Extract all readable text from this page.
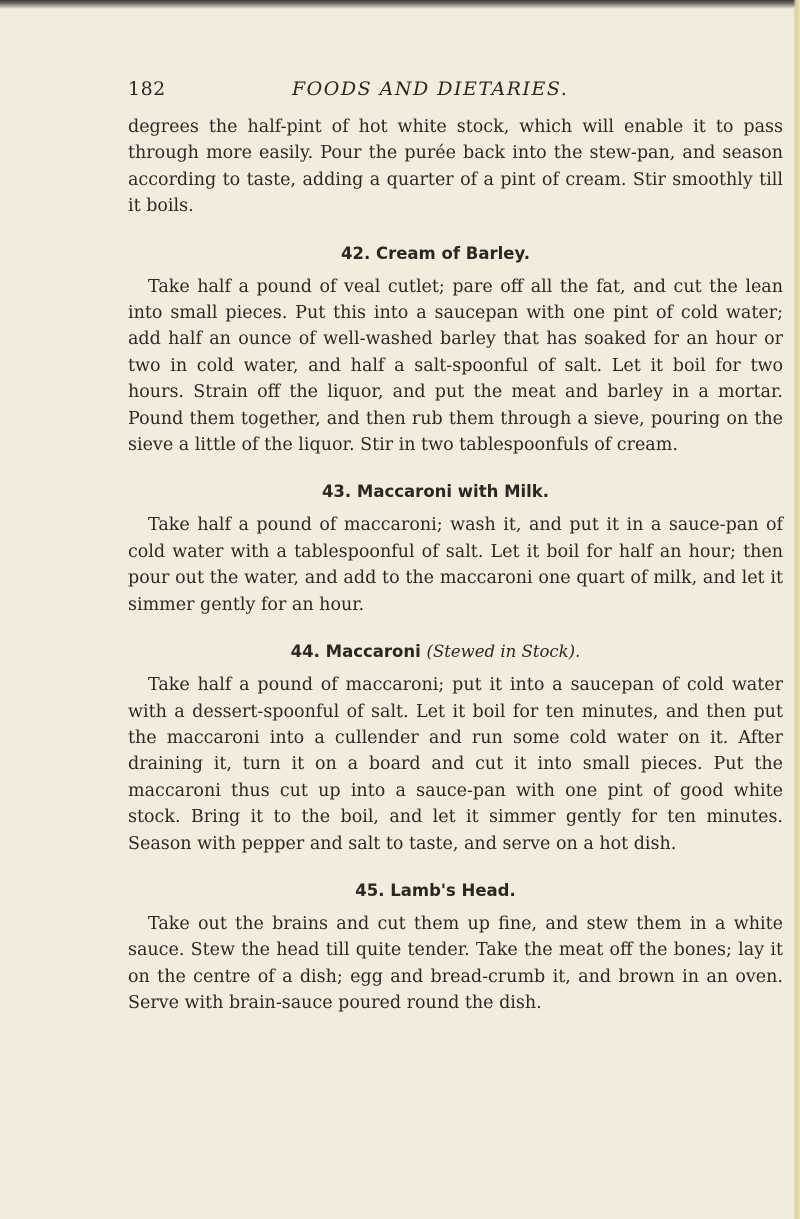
182	FOODS AND DIETARIES.

degrees the half-pint of hot white stock, which will enable it to pass through more easily. Pour the purée back into the stew-pan, and season according to taste, adding a quarter of a pint of cream. Stir smoothly till it boils.

42. Cream of Barley.

Take half a pound of veal cutlet; pare off all the fat, and cut the lean into small pieces. Put this into a saucepan with one pint of cold water; add half an ounce of well-washed barley that has soaked for an hour or two in cold water, and half a salt-spoonful of salt. Let it boil for two hours. Strain off the liquor, and put the meat and barley in a mortar. Pound them together, and then rub them through a sieve, pouring on the sieve a little of the liquor. Stir in two tablespoonfuls of cream.

43. Maccaroni with Milk.

Take half a pound of maccaroni; wash it, and put it in a sauce-pan of cold water with a tablespoonful of salt. Let it boil for half an hour; then pour out the water, and add to the maccaroni one quart of milk, and let it simmer gently for an hour.

44. Maccaroni (Stewed in Stock).

Take half a pound of maccaroni; put it into a saucepan of cold water with a dessert-spoonful of salt. Let it boil for ten minutes, and then put the maccaroni into a cullender and run some cold water on it. After draining it, turn it on a board and cut it into small pieces. Put the maccaroni thus cut up into a sauce-pan with one pint of good white stock. Bring it to the boil, and let it simmer gently for ten minutes. Season with pepper and salt to taste, and serve on a hot dish.

45. Lamb's Head.

Take out the brains and cut them up fine, and stew them in a white sauce. Stew the head till quite tender. Take the meat off the bones; lay it on the centre of a dish; egg and bread-crumb it, and brown in an oven. Serve with brain-sauce poured round the dish.
